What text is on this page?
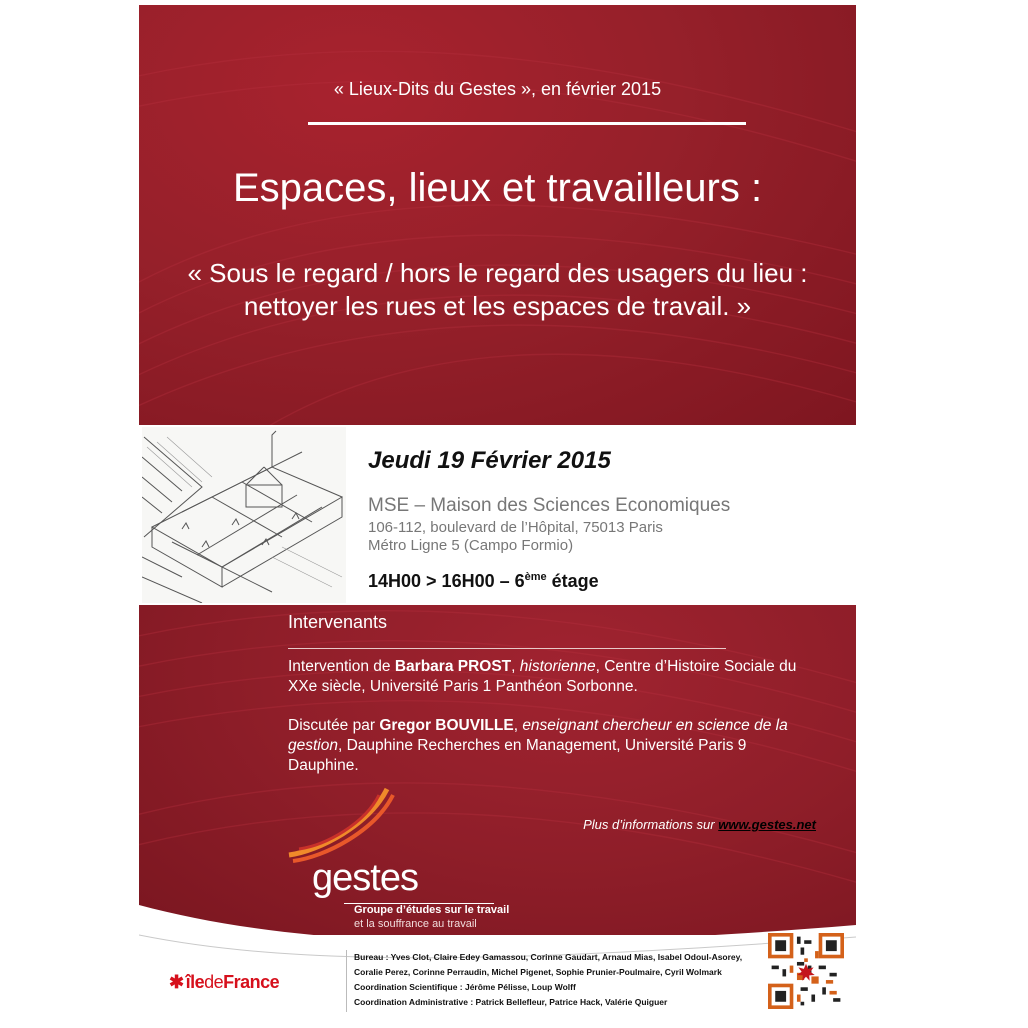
« Lieux-Dits du Gestes », en février 2015
Espaces, lieux et travailleurs :
« Sous le regard / hors le regard des usagers du lieu : nettoyer les rues et les espaces de travail. »
Jeudi 19 Février 2015
MSE – Maison des Sciences Economiques
106-112, boulevard de l’Hôpital, 75013 Paris
Métro Ligne 5 (Campo Formio)
14H00 > 16H00 – 6ème étage
Intervenants
Intervention de Barbara PROST, historienne, Centre d’Histoire Sociale du XXe siècle, Université Paris 1 Panthéon Sorbonne.
Discutée par Gregor BOUVILLE, enseignant chercheur en science de la gestion, Dauphine Recherches en Management, Université Paris 9 Dauphine.
Plus d’informations sur www.gestes.net
gestes
Groupe d’études sur le travail
et la souffrance au travail
✱ îledeFrance
Bureau : Yves Clot, Claire Edey Gamassou, Corinne Gaudart, Arnaud Mias, Isabel Odoul-Asorey,
Coralie Perez, Corinne Perraudin, Michel Pigenet, Sophie Prunier-Poulmaire, Cyril Wolmark
Coordination Scientifique : Jérôme Pélisse, Loup Wolff
Coordination Administrative : Patrick Bellefleur, Patrice Hack, Valérie Quiguer
